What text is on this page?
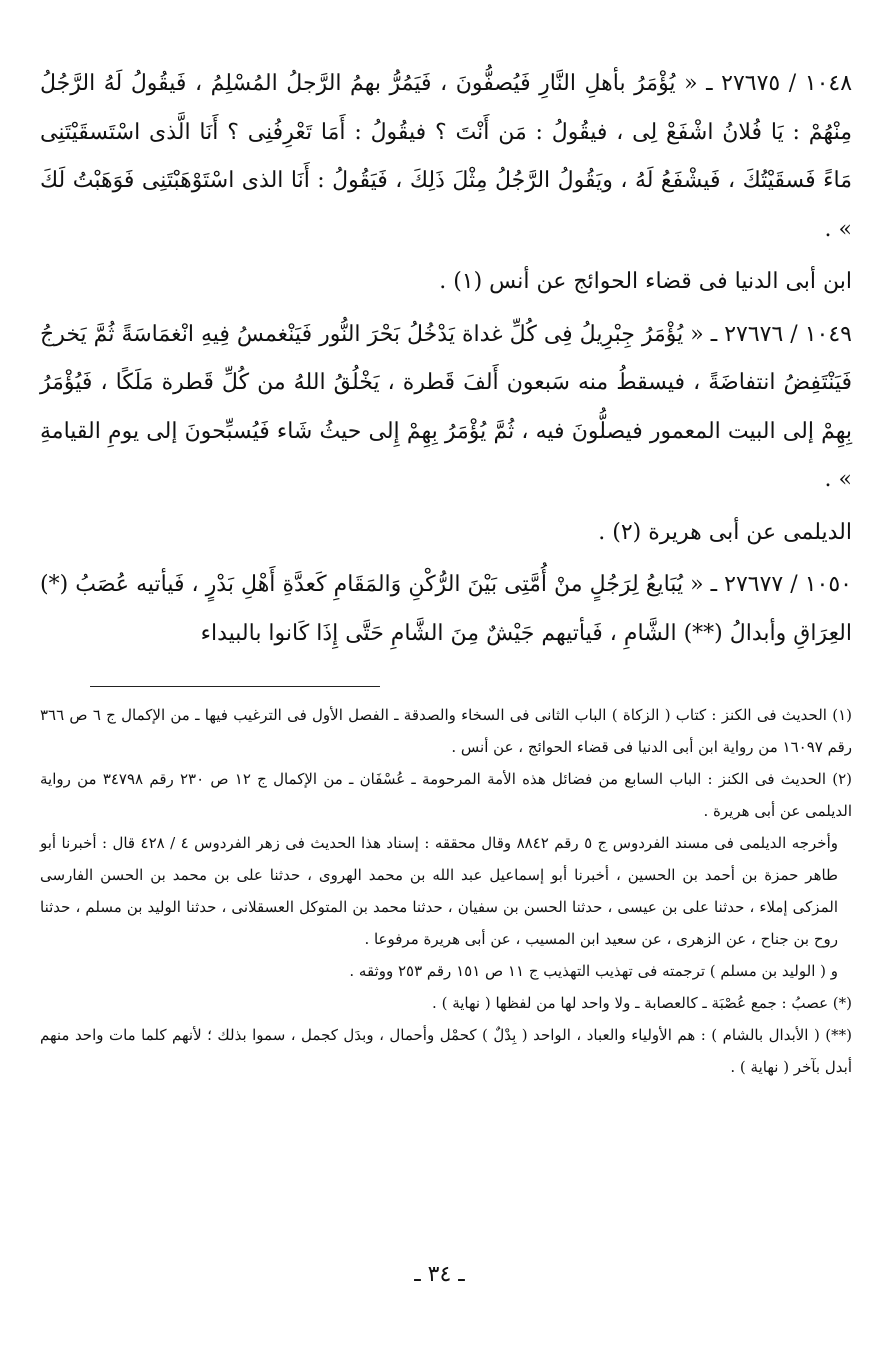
١٠٤٨ / ٢٧٦٧٥ ـ « يُؤْمَرُ بأهلِ النَّارِ فَيُصفُّونَ ، فَيَمُرُّ بهمُ الرَّجلُ المُسْلِمُ ، فَيقُولُ لَهُ الرَّجُلُ مِنْهُمْ : يَا فُلانُ اشْفَعْ لِى ، فيقُولُ : مَن أَنْتَ ؟ فيقُولُ : أَمَا تَعْرِفُنِى ؟ أَنَا الَّذى اسْتَسقَيْتَنِى مَاءً فَسقَيْتُكَ ، فَيشْفَعُ لَهُ ، ويَقُولُ الرَّجُلُ مِثْلَ ذَلِكَ ، فَيَقُولُ : أَنَا الذى اسْتَوْهَبْتَنِى فَوَهَبْتُ لَكَ » .

ابن أبى الدنيا فى قضاء الحوائج عن أنس (١) .

١٠٤٩ / ٢٧٦٧٦ ـ « يُؤْمَرُ جِبْرِيلُ فِى كُلِّ غداة يَدْخُلُ بَحْرَ النُّور فَيَنْغمسُ فِيهِ انْغمَاسَةً ثُمَّ يَخرجُ فَيَنْتَفِضُ انتفاضَةً ، فيسقطُ منه سَبعون أَلفَ قَطرة ، يَخْلُقُ اللهُ من كُلِّ قَطرة مَلَكًا ، فَيُؤْمَرُ بِهِمْ إلى البيت المعمور فيصلُّونَ فيه ، ثُمَّ يُؤْمَرُ بِهِمْ إِلى حيثُ شَاء فَيُسبِّحونَ إلى يومِ القيامةِ » .

الديلمى عن أبى هريرة (٢) .

١٠٥٠ / ٢٧٦٧٧ ـ « يُبَايعُ لِرَجُلٍ منْ أُمَّتِى بَيْنَ الرُّكْنِ وَالمَقَامِ كَعدَّةِ أَهْلِ بَدْرٍ ، فَيأتيه عُصَبُ (*) العِرَاقِ وأبدالُ (**) الشَّامِ ، فَيأتيهم جَيْشٌ مِنَ الشَّامِ حَتَّى إِذَا كَانوا بالبيداء

(١) الحديث فى الكنز : كتاب ( الزكاة ) الباب الثانى فى السخاء والصدقة ـ الفصل الأول فى الترغيب فيها ـ من الإكمال ج ٦ ص ٣٦٦ رقم ١٦٠٩٧ من رواية ابن أبى الدنيا فى قضاء الحوائج ، عن أنس .

(٢) الحديث فى الكنز : الباب السابع من فضائل هذه الأمة المرحومة ـ عُسْفَان ـ من الإكمال ج ١٢ ص ٢٣٠ رقم ٣٤٧٩٨ من رواية الديلمى عن أبى هريرة .

وأخرجه الديلمى فى مسند الفردوس ج ٥ رقم ٨٨٤٢ وقال محققه : إسناد هذا الحديث فى زهر الفردوس ٤ / ٤٢٨ قال : أخبرنا أبو طاهر حمزة بن أحمد بن الحسين ، أخبرنا أبو إسماعيل عبد الله بن محمد الهروى ، حدثنا على بن محمد بن الحسن الفارسى المزكى إملاء ، حدثنا على بن عيسى ، حدثنا الحسن بن سفيان ، حدثنا محمد بن المتوكل العسقلانى ، حدثنا الوليد بن مسلم ، حدثنا روح بن جناح ، عن الزهرى ، عن سعيد ابن المسيب ، عن أبى هريرة مرفوعا .

و ( الوليد بن مسلم ) ترجمته فى تهذيب التهذيب ج ١١ ص ١٥١ رقم ٢٥٣ ووثقه .

(*) عصبُ : جمع عُصْبَة ـ كالعصابة ـ ولا واحد لها من لفظها ( نهاية ) .

(**) ( الأبدال بالشام ) : هم الأولياء والعباد ، الواحد ( بِدْلٌ ) كحمْل وأحمال ، وبدَل كجمل ، سموا بذلك ؛ لأنهم كلما مات واحد منهم أبدل بآخر ( نهاية ) .

ـ ٣٤ ـ
